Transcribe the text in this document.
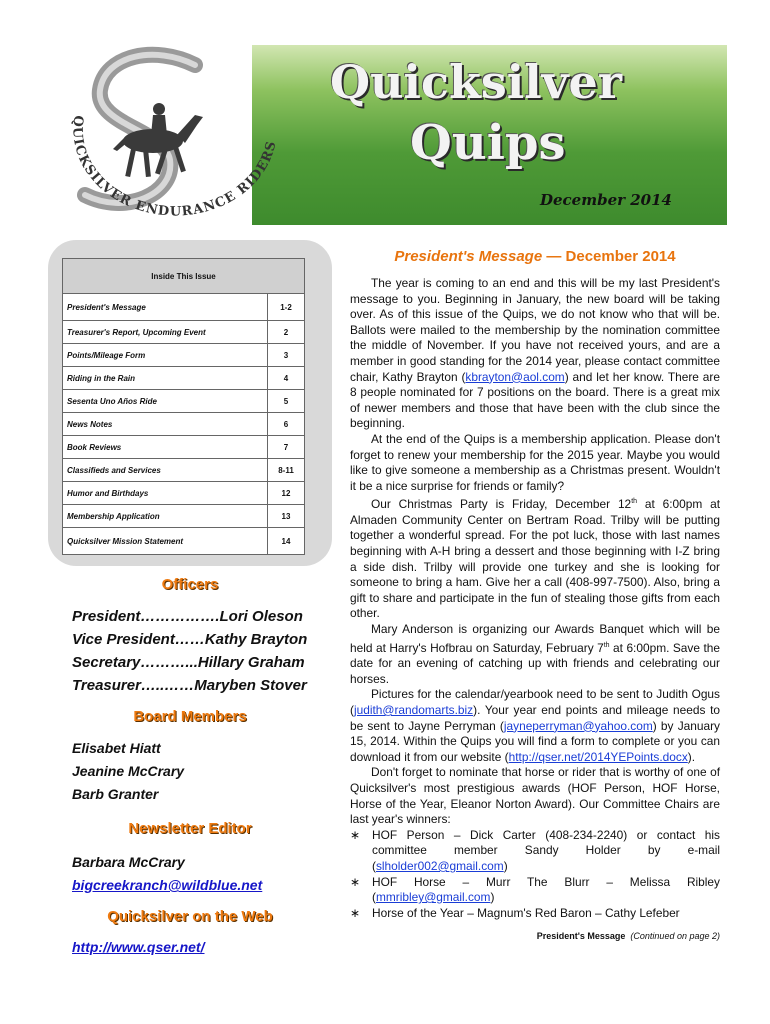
Quicksilver
Quips
December 2014
QUICKSILVER ENDURANCE RIDERS
Inside This Issue	
President's Message	1-2
Treasurer's Report, Upcoming Event	2
Points/Mileage Form	3
Riding in the Rain	4
Sesenta Uno Años Ride	5
News Notes	6
Book Reviews	7
Classifieds and Services	8-11
Humor and Birthdays	12
Membership Application	13
Quicksilver Mission Statement	14
Officers

President…………….Lori Oleson

Vice President……Kathy Brayton

Secretary………...Hillary Graham

Treasurer…..……Maryben Stover

Board Members

Elisabet Hiatt

Jeanine McCrary

Barb Granter

Newsletter Editor

Barbara McCrary

bigcreekranch@wildblue.net

Quicksilver on the Web

http://www.qser.net/

President's Message — December 2014

The year is coming to an end and this will be my last President's message to you. Beginning in January, the new board will be taking over. As of this issue of the Quips, we do not know who that will be. Ballots were mailed to the membership by the nomination committee the middle of November. If you have not received yours, and are a member in good standing for the 2014 year, please contact committee chair, Kathy Brayton (kbrayton@aol.com) and let her know. There are 8 people nominated for 7 positions on the board. There is a great mix of newer members and those that have been with the club since the beginning.

At the end of the Quips is a membership application. Please don't forget to renew your membership for the 2015 year. Maybe you would like to give someone a membership as a Christmas present. Wouldn't it be a nice surprise for friends or family?

Our Christmas Party is Friday, December 12th at 6:00pm at Almaden Community Center on Bertram Road. Trilby will be putting together a wonderful spread. For the pot luck, those with last names beginning with A-H bring a dessert and those beginning with I-Z bring a side dish. Trilby will provide one turkey and she is looking for someone to bring a ham. Give her a call (408-997-7500). Also, bring a gift to share and participate in the fun of stealing those gifts from each other.

Mary Anderson is organizing our Awards Banquet which will be held at Harry's Hofbrau on Saturday, February 7th at 6:00pm. Save the date for an evening of catching up with friends and celebrating our horses.

Pictures for the calendar/yearbook need to be sent to Judith Ogus (judith@randomarts.biz). Your year end points and mileage needs to be sent to Jayne Perryman (jayneperryman@yahoo.com) by January 15, 2014. Within the Quips you will find a form to complete or you can download it from our website (http://qser.net/2014YEPoints.docx).

Don't forget to nominate that horse or rider that is worthy of one of Quicksilver's most prestigious awards (HOF Person, HOF Horse, Horse of the Year, Eleanor Norton Award). Our Committee Chairs are last year's winners:

∗ HOF Person – Dick Carter (408-234-2240) or contact his committee member Sandy Holder by e-mail (slholder002@gmail.com)
∗ HOF Horse – Murr The Blurr – Melissa Ribley (mmribley@gmail.com)
∗ Horse of the Year – Magnum's Red Baron – Cathy Lefeber

President's Message (Continued on page 2)
